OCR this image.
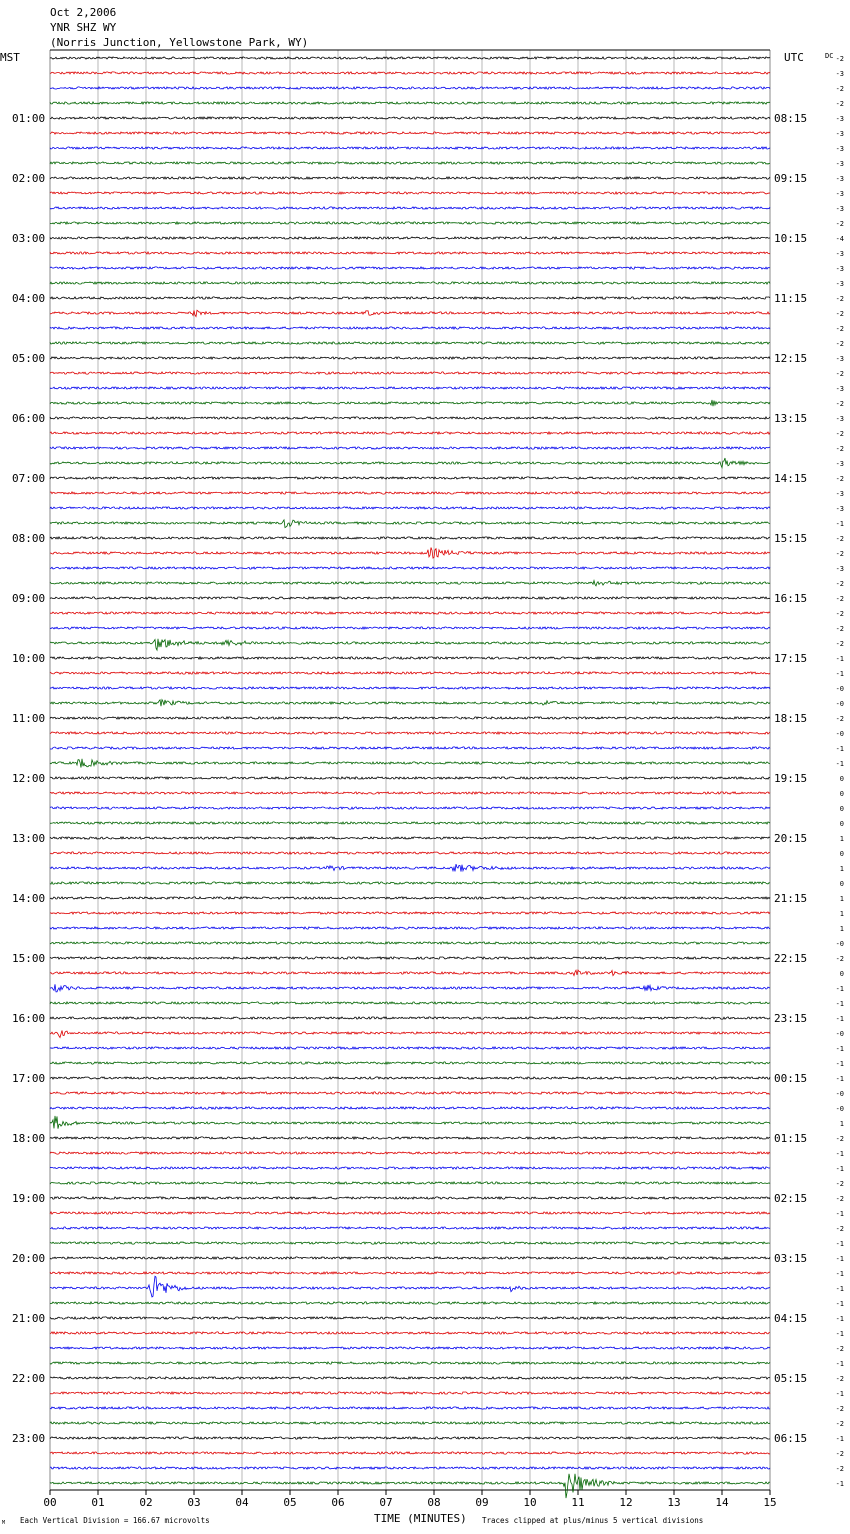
Oct 2,2006
YNR SHZ WY
(Norris Junction, Yellowstone Park, WY)
MST	UTC	DC
01:00
02:00
03:00
04:00
05:00
06:00
07:00
08:00
09:00
10:00
11:00
12:00
13:00
14:00
15:00
16:00
17:00
18:00
19:00
20:00
21:00
22:00
23:00
08:15
09:15
10:15
11:15
12:15
13:15
14:15
15:15
16:15
17:15
18:15
19:15
20:15
21:15
22:15
23:15
00:15
01:15
02:15
03:15
04:15
05:15
06:15
-2
-3
-2
-2
-3
-3
-3
-3
-3
-3
-3
-2
-4
-3
-3
-3
-2
-2
-2
-2
-3
-2
-3
-2
-3
-2
-2
-3
-2
-3
-3
-1
-2
-2
-3
-2
-2
-2
-2
-2
-1
-1
-0
-0
-2
-0
-1
-1
0
0
0
0
1
0
1
0
1
1
1
-0
-2
0
-1
-1
-1
-0
-1
-1
-1
-0
-0
1
-2
-1
-1
-2
-2
-1
-2
-1
-1
-1
-1
-1
-1
-1
-2
-1
-2
-1
-2
-2
-1
-2
-2
-1
00	01	02	03	04	05	06	07	08	09	10	11	12	13	14	15
TIME (MINUTES)
Each Vertical Division = 166.67 microvolts	Traces clipped at plus/minus 5 vertical divisions
M
